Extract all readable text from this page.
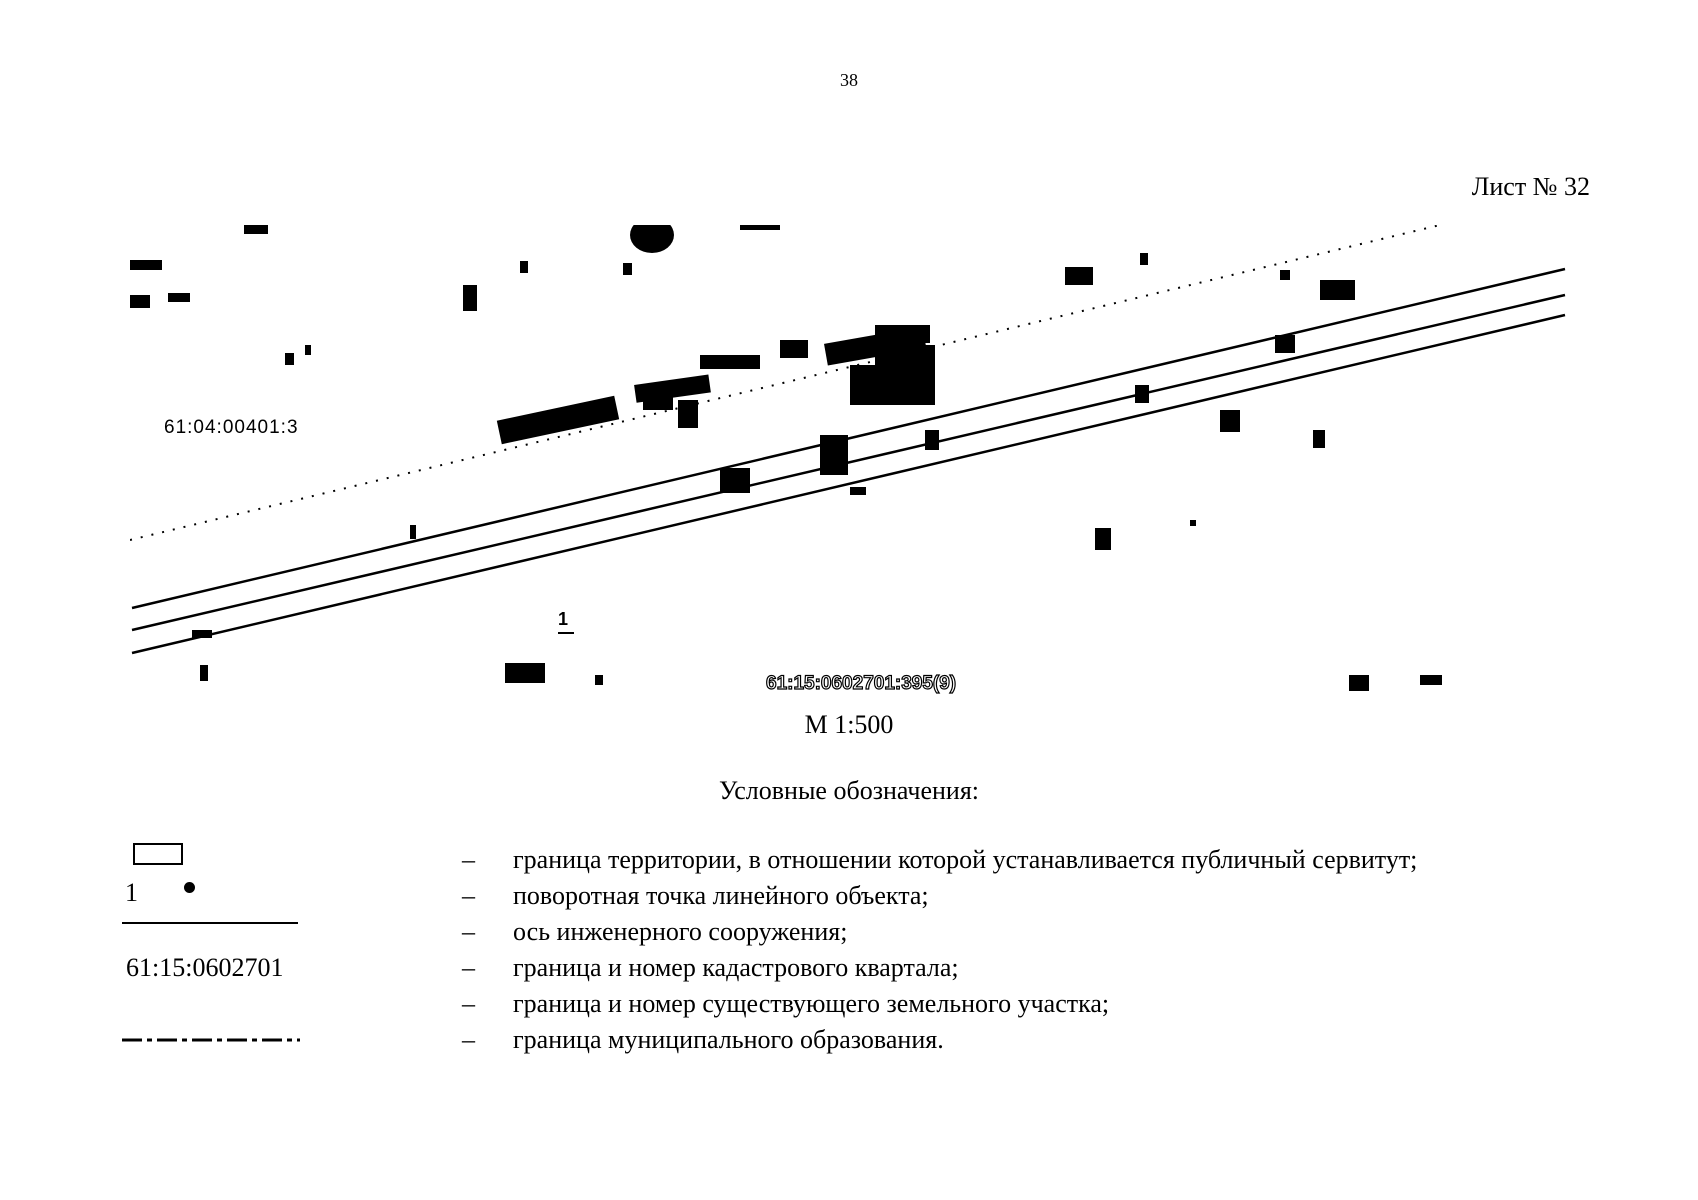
38
Лист № 32
1
61:04:00401:3
61:15:0602701:395(9)
М 1:500
Условные обозначения:
1
61:15:0602701
– граница территории, в отношении которой устанавливается публичный сервитут;
– поворотная точка линейного объекта;
– ось инженерного сооружения;
– граница и номер кадастрового квартала;
– граница и номер существующего земельного участка;
– граница муниципального образования.
